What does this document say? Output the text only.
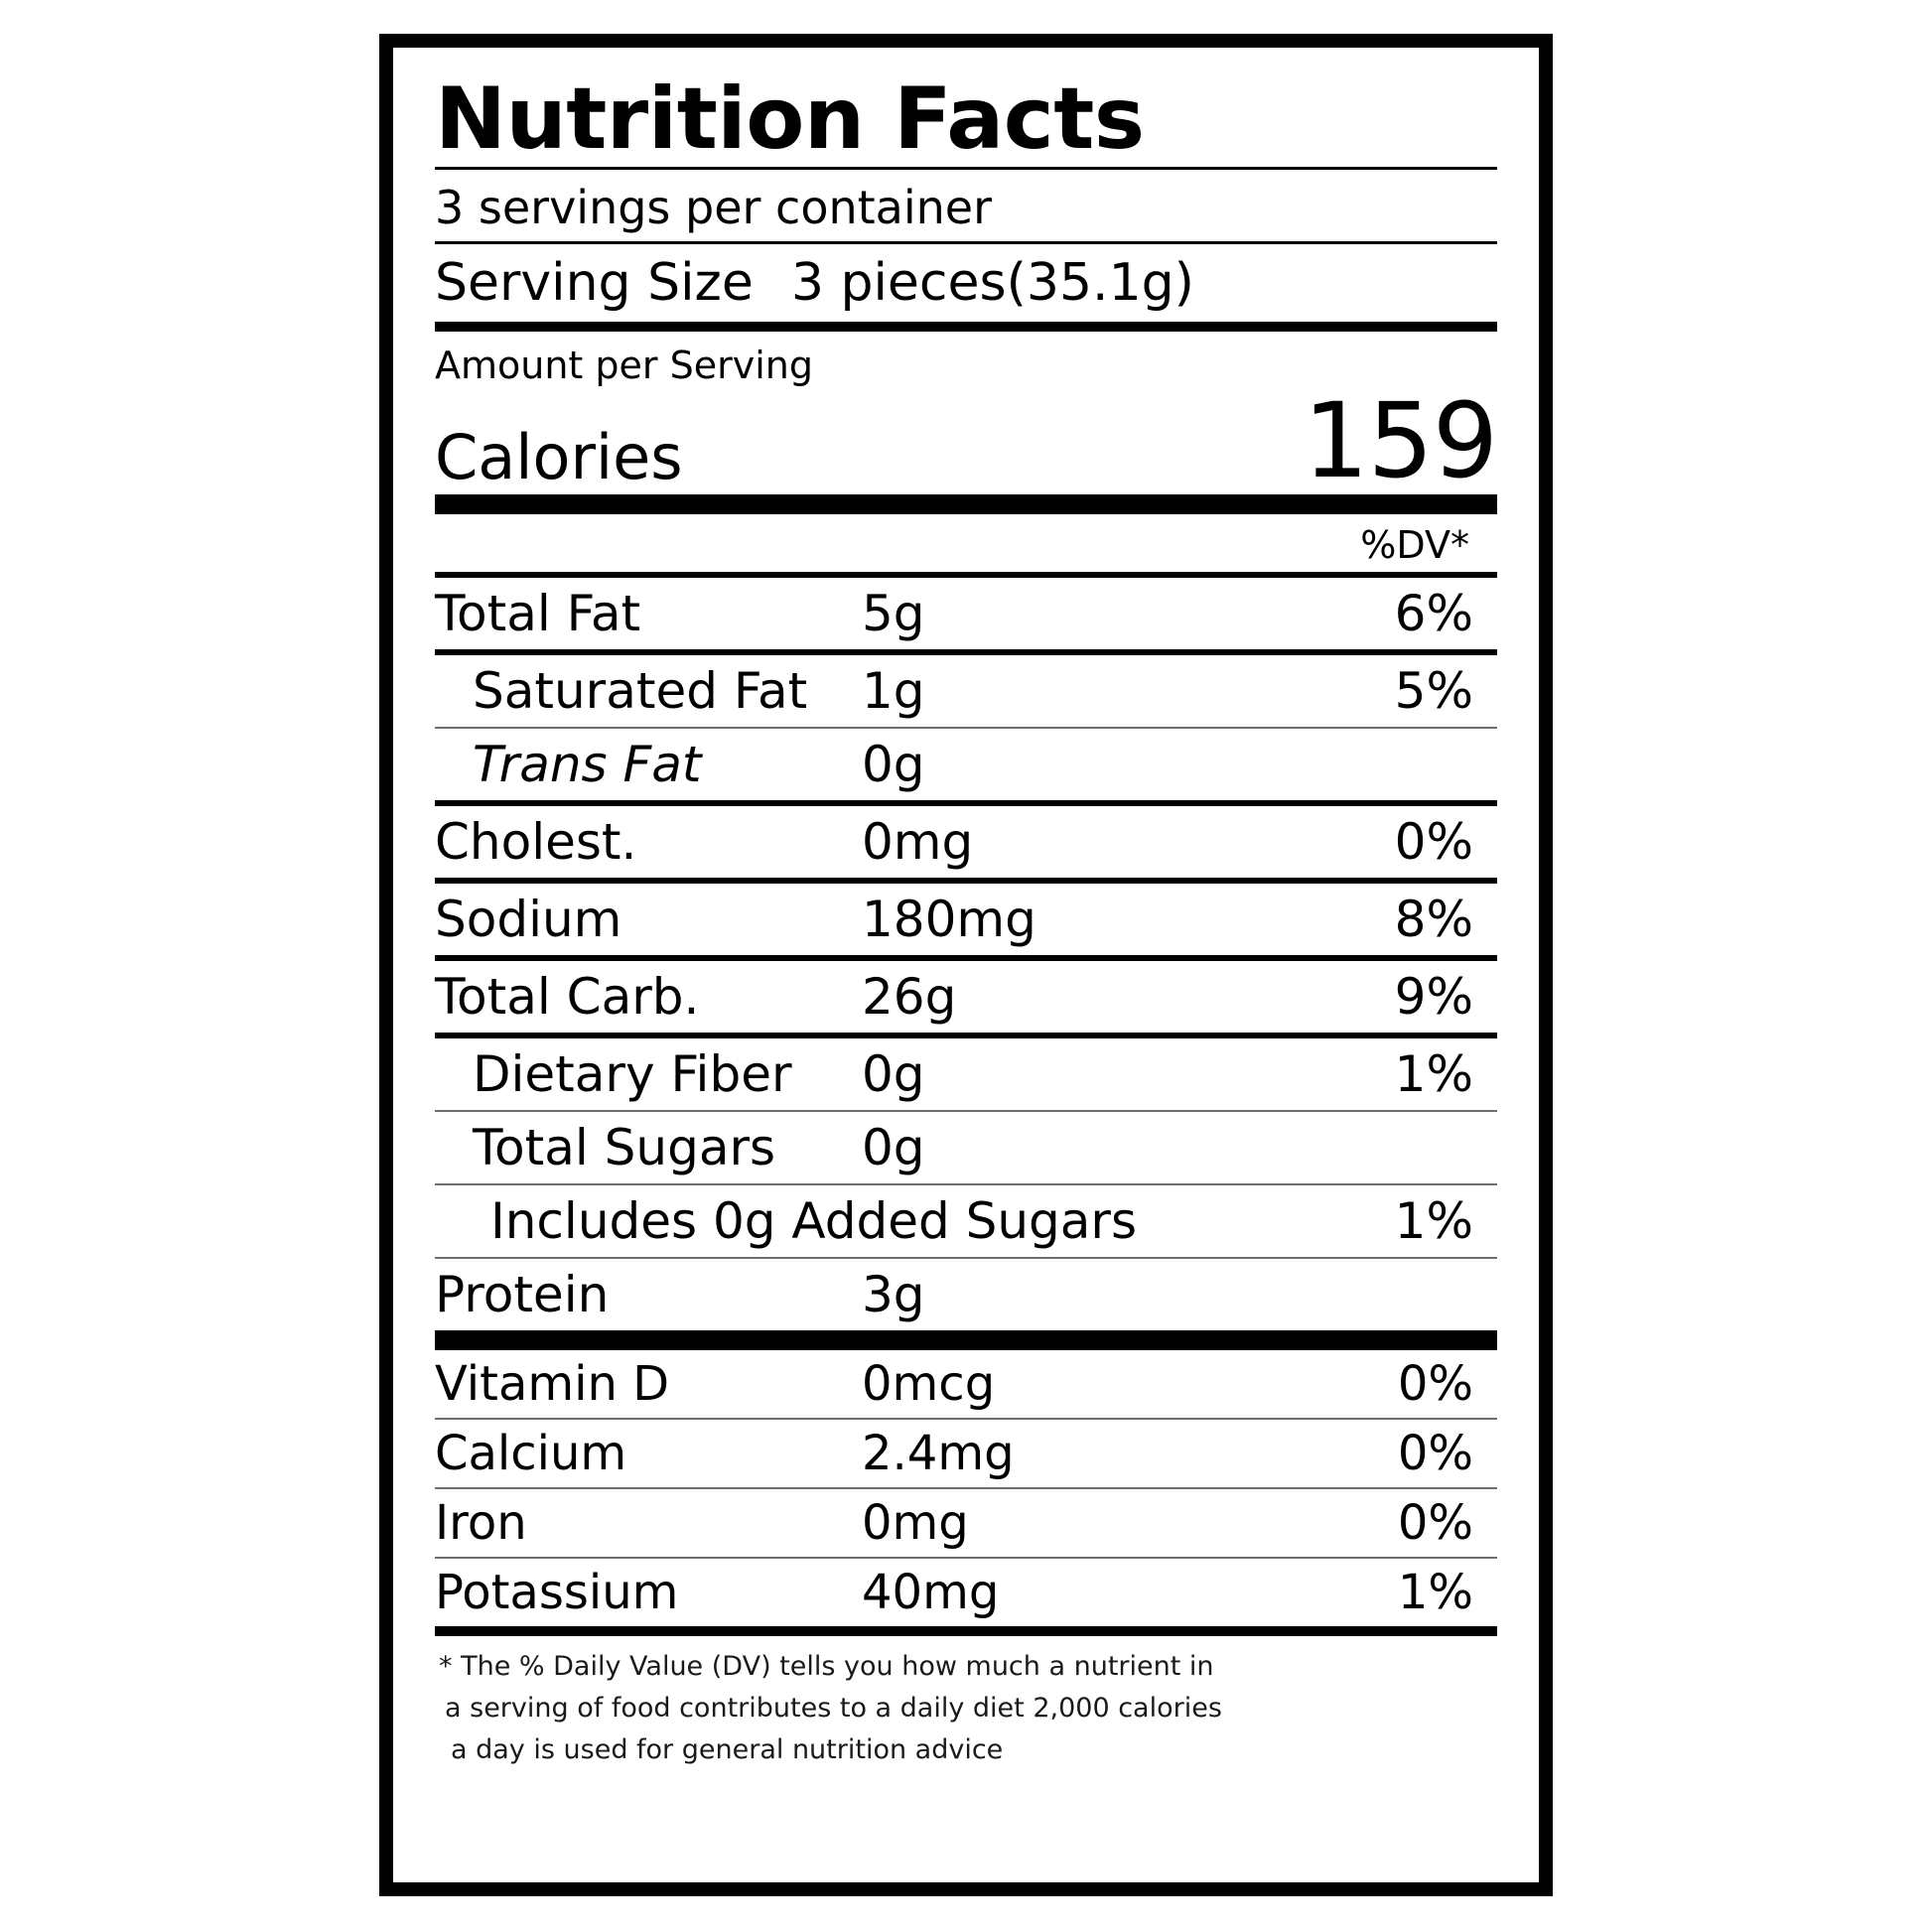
Nutrition Facts
3 servings per container
Serving Size 3 pieces(35.1g)
Amount per Serving
Calories	159
%DV*
Total Fat	5g	6%
Saturated Fat	1g	5%
Trans Fat	0g
Cholest.	0mg	0%
Sodium	180mg	8%
Total Carb.	26g	9%
Dietary Fiber	0g	1%
Total Sugars	0g
Includes 0g Added Sugars	1%
Protein	3g
Vitamin D	0mcg	0%
Calcium	2.4mg	0%
Iron	0mg	0%
Potassium	40mg	1%
* The % Daily Value (DV) tells you how much a nutrient in
a serving of food contributes to a daily diet 2,000 calories
a day is used for general nutrition advice
